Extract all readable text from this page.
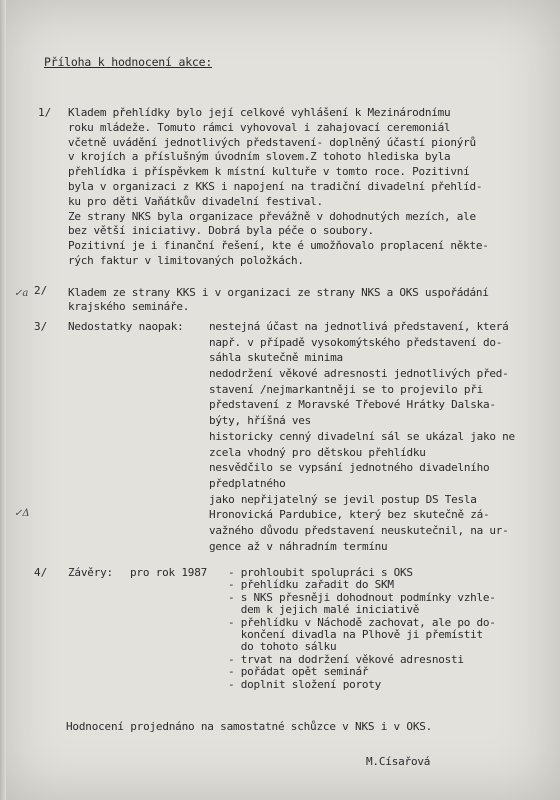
Příloha k hodnocení akce:
1/ Kladem přehlídky bylo její celkové vyhlášení k Mezinárodnímu
roku mládeže. Tomuto rámci vyhovoval i zahajovací ceremoniál
včetně uvádění jednotlivých představení- doplněný účastí pionýrů
v krojích a příslušným úvodním slovem.Z tohoto hlediska byla
přehlídka i příspěvkem k místní kultuře v tomto roce. Pozitivní
byla v organizaci z KKS i napojení na tradiční divadelní přehlíd-
ku pro děti Vaňátkův divadelní festival.
Ze strany NKS byla organizace převážně v dohodnutých mezích, ale
bez větší iniciativy. Dobrá byla péče o soubory.
Pozitivní je i finanční řešení, kte é umožňovalo proplacení někte-
rých faktur v limitovaných položkách.
✓a 2/ Kladem ze strany KKS i v organizaci ze strany NKS a OKS uspořádání
krajského semináře.
3/ Nedostatky naopak: nestejná účast na jednotlivá představení, která
např. v případě vysokomýtského představení do-
sáhla skutečně minima
nedodržení věkové adresnosti jednotlivých před-
stavení /nejmarkantněji se to projevilo při
představení z Moravské Třebové Hrátky Dalska-
býty, hříšná ves
historicky cenný divadelní sál se ukázal jako ne
zcela vhodný pro dětskou přehlídku
nesvědčilo se vypsání jednotného divadelního
předplatného
jako nepřijatelný se jevil postup DS Tesla
Hronovická Pardubice, který bez skutečně zá-
važného důvodu představení neuskutečnil, na ur-
gence až v náhradním termínu
✓Δ
4/ Závěry: pro rok 1987 - prohloubit spolupráci s OKS
- přehlídku zařadit do SKM
- s NKS přesněji dohodnout podmínky vzhle-
dem k jejich malé iniciativě
- přehlídku v Náchodě zachovat, ale po do-
končení divadla na Plhově ji přemístit
do tohoto sálku
- trvat na dodržení věkové adresnosti
- pořádat opět seminář
- doplnit složení poroty
Hodnocení projednáno na samostatné schůzce v NKS i v OKS.
M.Císařová
